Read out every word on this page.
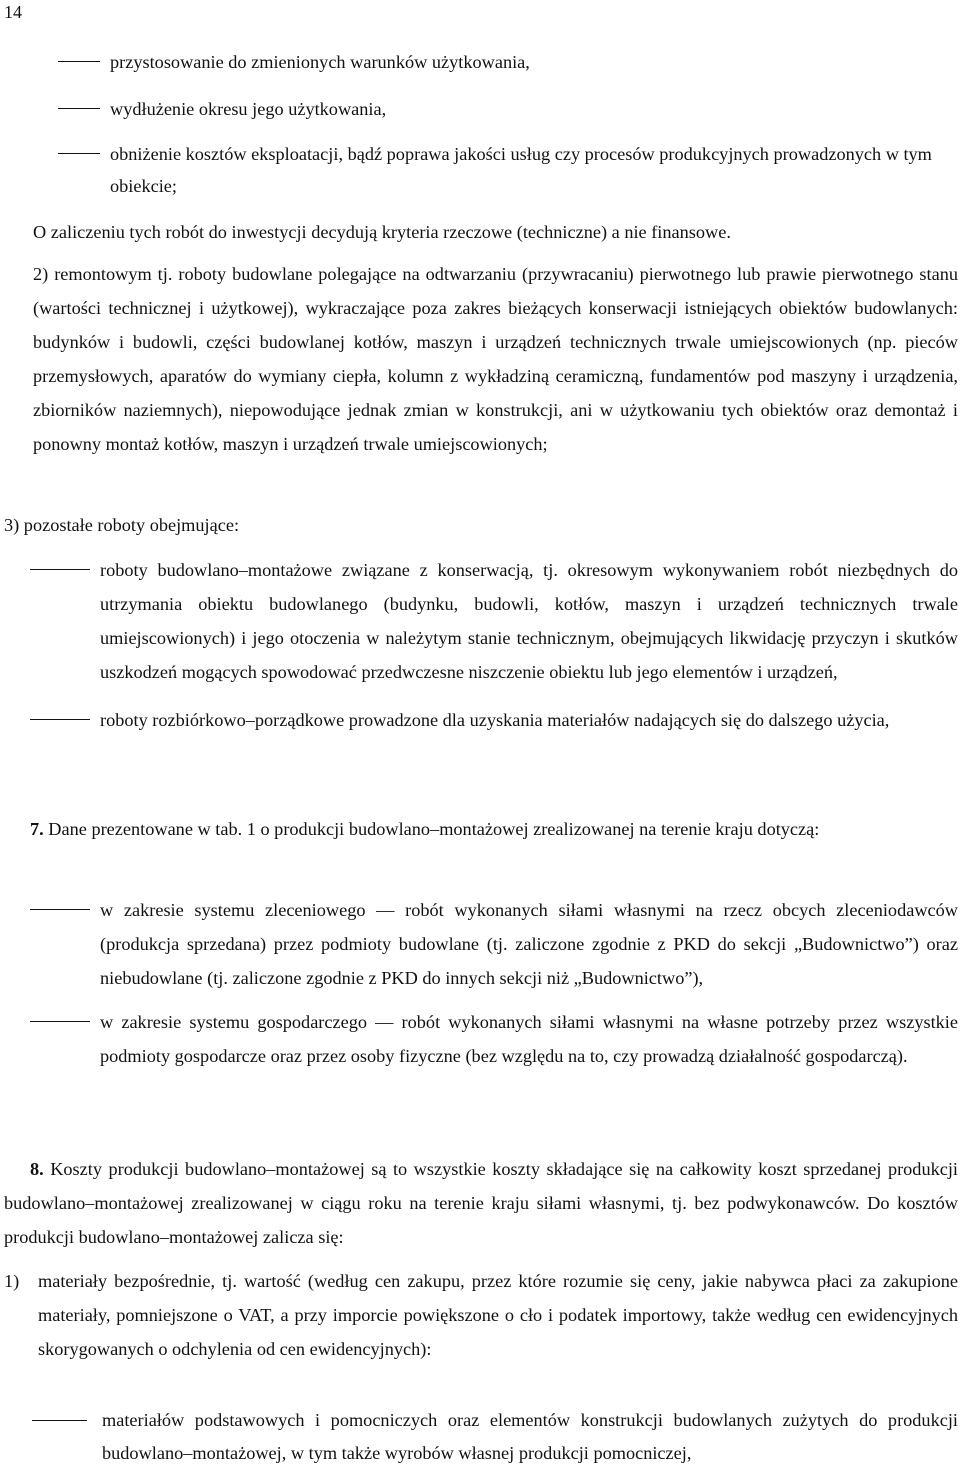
14
przystosowanie do zmienionych warunków użytkowania,
wydłużenie okresu jego użytkowania,
obniżenie kosztów eksploatacji, bądź poprawa jakości usług czy procesów produkcyjnych prowadzonych w tym obiekcie;

O zaliczeniu tych robót do inwestycji decydują kryteria rzeczowe (techniczne) a nie finansowe.

2) remontowym tj. roboty budowlane polegające na odtwarzaniu (przywracaniu) pierwotnego lub prawie pierwotnego stanu (wartości technicznej i użytkowej), wykraczające poza zakres bieżących konserwacji istniejących obiektów budowlanych: budynków i budowli, części budowlanej kotłów, maszyn i urządzeń technicznych trwale umiejscowionych (np. pieców przemysłowych, aparatów do wymiany ciepła, kolumn z wykładziną ceramiczną, fundamentów pod maszyny i urządzenia, zbiorników naziemnych), niepowodujące jednak zmian w konstrukcji, ani w użytkowaniu tych obiektów oraz demontaż i ponowny montaż kotłów, maszyn i urządzeń trwale umiejscowionych;

3) pozostałe roboty obejmujące:

roboty budowlano–montażowe związane z konserwacją, tj. okresowym wykonywaniem robót niezbędnych do utrzymania obiektu budowlanego (budynku, budowli, kotłów, maszyn i urządzeń technicznych trwale umiejscowionych) i jego otoczenia w należytym stanie technicznym, obejmujących likwidację przyczyn i skutków uszkodzeń mogących spowodować przedwczesne niszczenie obiektu lub jego elementów i urządzeń,
roboty rozbiórkowo–porządkowe prowadzone dla uzyskania materiałów nadających się do dalszego użycia,

7. Dane prezentowane w tab. 1 o produkcji budowlano–montażowej zrealizowanej na terenie kraju dotyczą:

w zakresie systemu zleceniowego — robót wykonanych siłami własnymi na rzecz obcych zleceniodawców (produkcja sprzedana) przez podmioty budowlane (tj. zaliczone zgodnie z PKD do sekcji „Budownictwo”) oraz niebudowlane (tj. zaliczone zgodnie z PKD do innych sekcji niż „Budownictwo”),
w zakresie systemu gospodarczego — robót wykonanych siłami własnymi na własne potrzeby przez wszystkie podmioty gospodarcze oraz przez osoby fizyczne (bez względu na to, czy prowadzą działalność gospodarczą).

8. Koszty produkcji budowlano–montażowej są to wszystkie koszty składające się na całkowity koszt sprzedanej produkcji budowlano–montażowej zrealizowanej w ciągu roku na terenie kraju siłami własnymi, tj. bez podwykonawców. Do kosztów produkcji budowlano–montażowej zalicza się:

1) materiały bezpośrednie, tj. wartość (według cen zakupu, przez które rozumie się ceny, jakie nabywca płaci za zakupione materiały, pomniejszone o VAT, a przy imporcie powiększone o cło i podatek importowy, także według cen ewidencyjnych skorygowanych o odchylenia od cen ewidencyjnych):
materiałów podstawowych i pomocniczych oraz elementów konstrukcji budowlanych zużytych do produkcji budowlano–montażowej, w tym także wyrobów własnej produkcji pomocniczej,
